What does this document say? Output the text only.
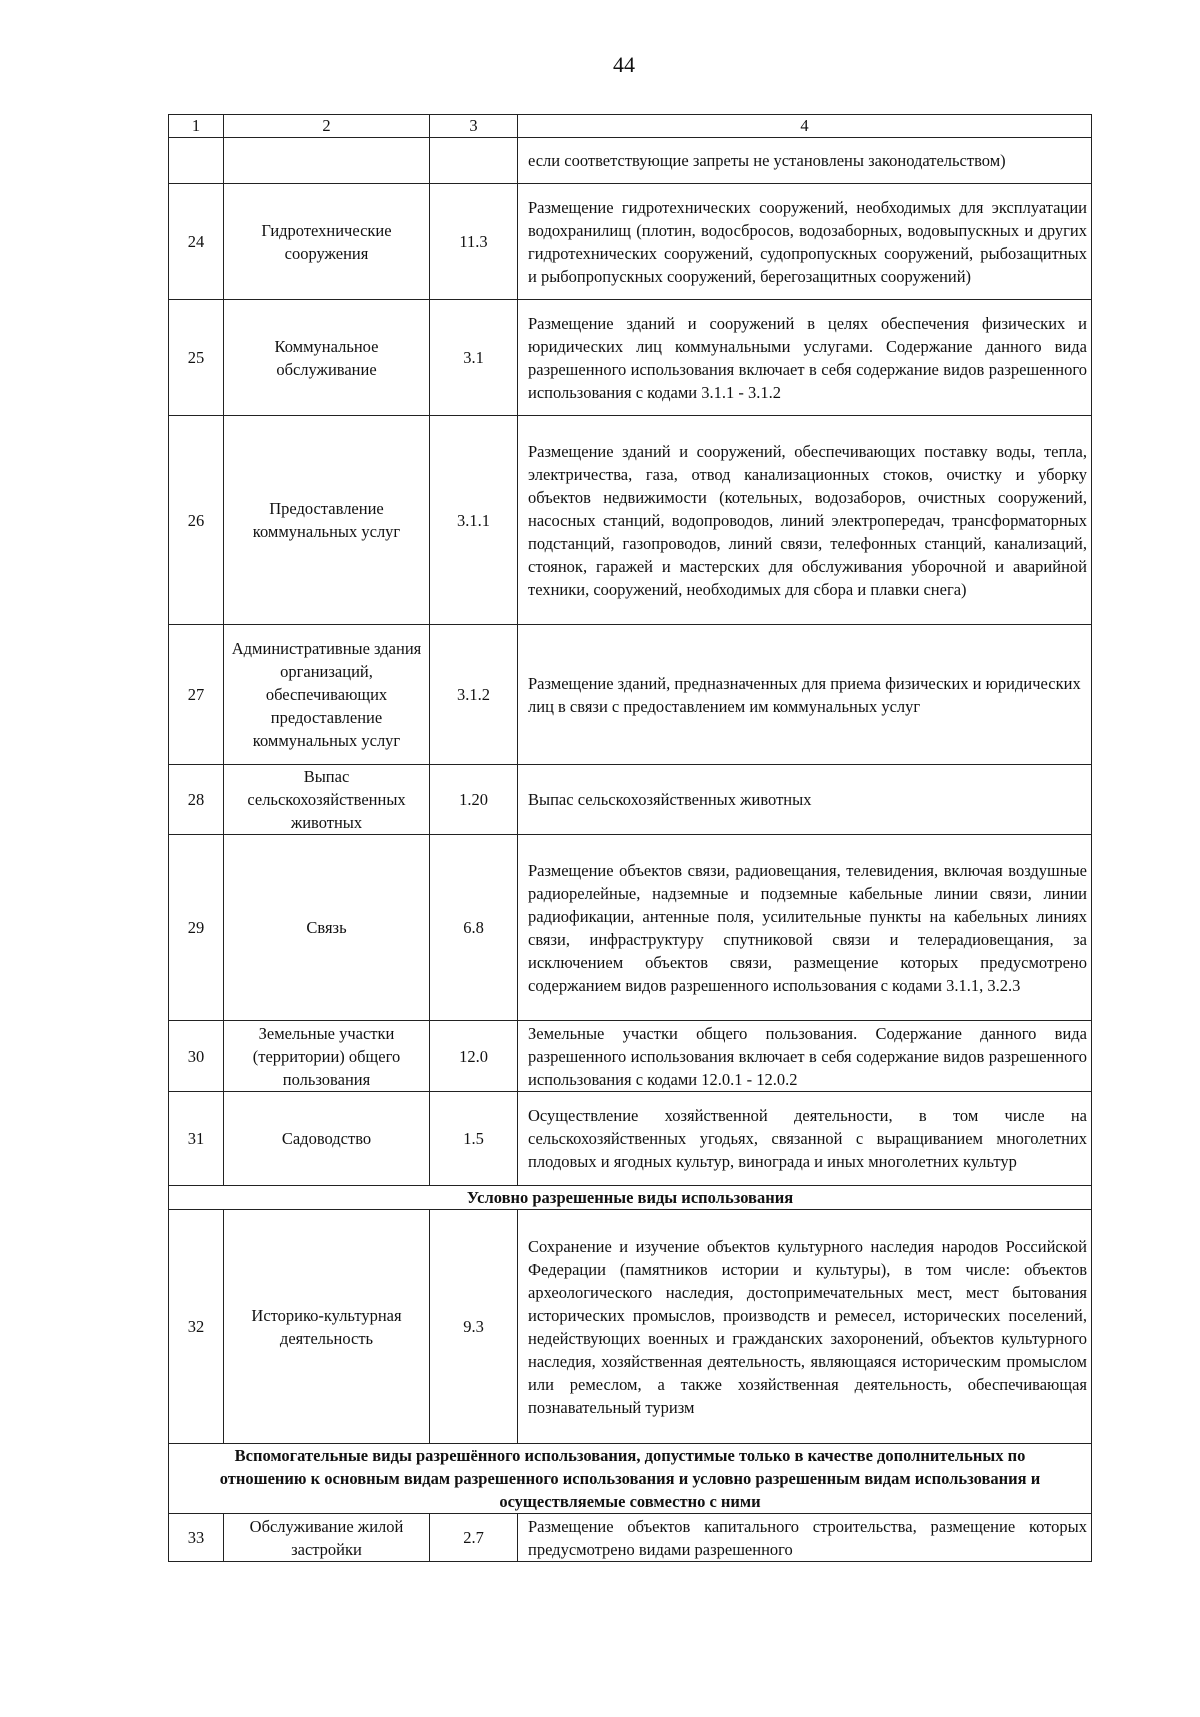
44
1	2	3	4
			если соответствующие запреты не установлены законодательством)
24	Гидротехнические сооружения	11.3	Размещение гидротехнических сооружений, необходимых для эксплуатации водохранилищ (плотин, водосбросов, водозаборных, водовыпускных и других гидротехнических сооружений, судопропускных сооружений, рыбозащитных и рыбопропускных сооружений, берегозащитных сооружений)
25	Коммунальное обслуживание	3.1	Размещение зданий и сооружений в целях обеспечения физических и юридических лиц коммунальными услугами. Содержание данного вида разрешенного использования включает в себя содержание видов разрешенного использования с кодами 3.1.1 - 3.1.2
26	Предоставление коммунальных услуг	3.1.1	Размещение зданий и сооружений, обеспечивающих поставку воды, тепла, электричества, газа, отвод канализационных стоков, очистку и уборку объектов недвижимости (котельных, водозаборов, очистных сооружений, насосных станций, водопроводов, линий электропередач, трансформаторных подстанций, газопроводов, линий связи, телефонных станций, канализаций, стоянок, гаражей и мастерских для обслуживания уборочной и аварийной техники, сооружений, необходимых для сбора и плавки снега)
27	Административные здания организаций, обеспечивающих предоставление коммунальных услуг	3.1.2	Размещение зданий, предназначенных для приема физических и юридических лиц в связи с предоставлением им коммунальных услуг
28	Выпас сельскохозяйственных животных	1.20	Выпас сельскохозяйственных животных
29	Связь	6.8	Размещение объектов связи, радиовещания, телевидения, включая воздушные радиорелейные, надземные и подземные кабельные линии связи, линии радиофикации, антенные поля, усилительные пункты на кабельных линиях связи, инфраструктуру спутниковой связи и телерадиовещания, за исключением объектов связи, размещение которых предусмотрено содержанием видов разрешенного использования с кодами 3.1.1, 3.2.3
30	Земельные участки (территории) общего пользования	12.0	Земельные участки общего пользования. Содержание данного вида разрешенного использования включает в себя содержание видов разрешенного использования с кодами 12.0.1 - 12.0.2
31	Садоводство	1.5	Осуществление хозяйственной деятельности, в том числе на сельскохозяйственных угодьях, связанной с выращиванием многолетних плодовых и ягодных культур, винограда и иных многолетних культур
Условно разрешенные виды использования			
32	Историко-культурная деятельность	9.3	Сохранение и изучение объектов культурного наследия народов Российской Федерации (памятников истории и культуры), в том числе: объектов археологического наследия, достопримечательных мест, мест бытования исторических промыслов, производств и ремесел, исторических поселений, недействующих военных и гражданских захоронений, объектов культурного наследия, хозяйственная деятельность, являющаяся историческим промыслом или ремеслом, а также хозяйственная деятельность, обеспечивающая познавательный туризм
Вспомогательные виды разрешённого использования, допустимые только в качестве дополнительных по отношению к основным видам разрешенного использования и условно разрешенным видам использования и осуществляемые совместно с ними			
33	Обслуживание жилой застройки	2.7	Размещение объектов капитального строительства, размещение которых предусмотрено видами разрешенного
